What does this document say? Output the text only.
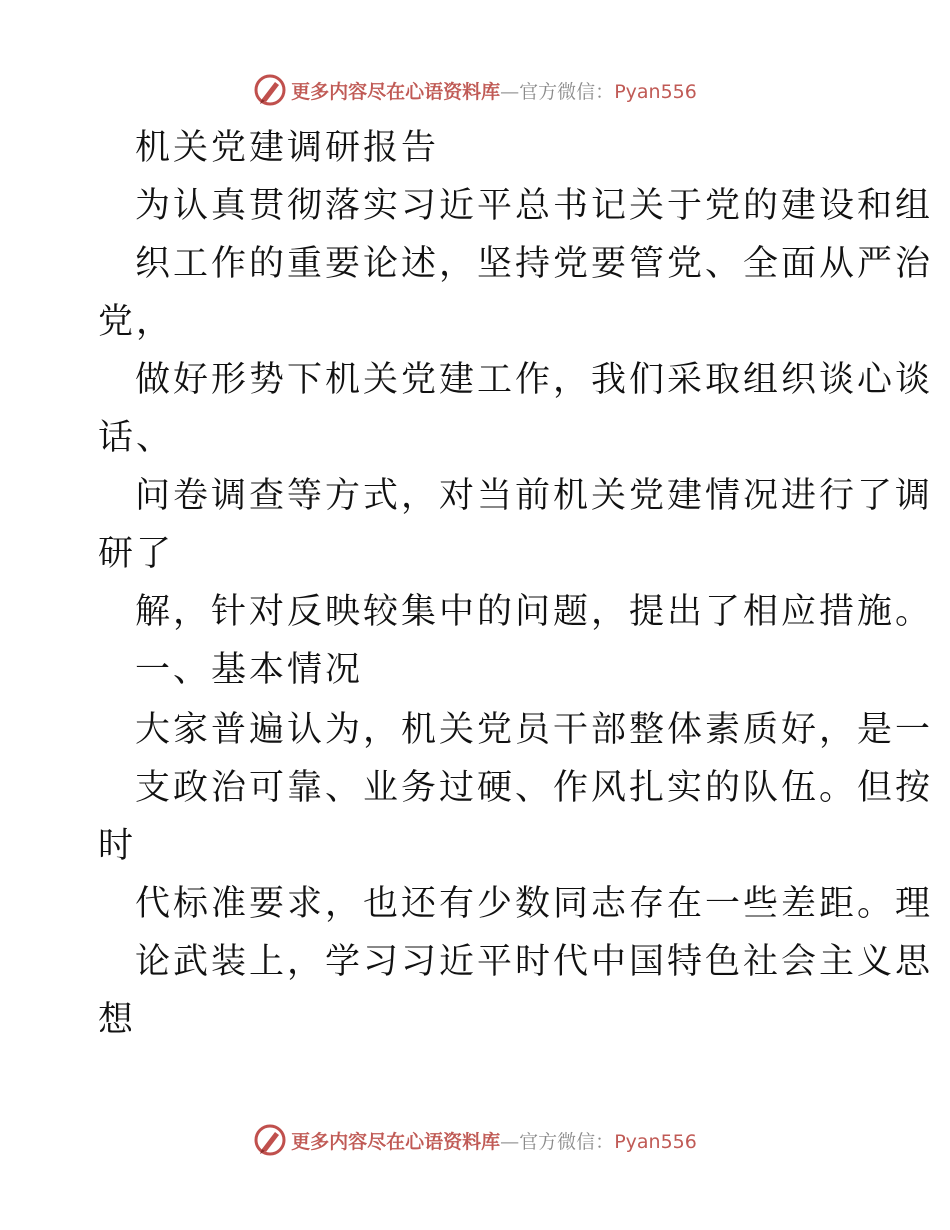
更多内容尽在心语资料库—官方微信：Pyan556
机关党建调研报告
为认真贯彻落实习近平总书记关于党的建设和组
织工作的重要论述，坚持党要管党、全面从严治
党，
做好形势下机关党建工作，我们采取组织谈心谈
话、
问卷调查等方式，对当前机关党建情况进行了调
研了
解，针对反映较集中的问题，提出了相应措施。
一、基本情况
大家普遍认为，机关党员干部整体素质好，是一
支政治可靠、业务过硬、作风扎实的队伍。但按
时
代标准要求，也还有少数同志存在一些差距。理
论武装上，学习习近平时代中国特色社会主义思
想
更多内容尽在心语资料库—官方微信：Pyan556
